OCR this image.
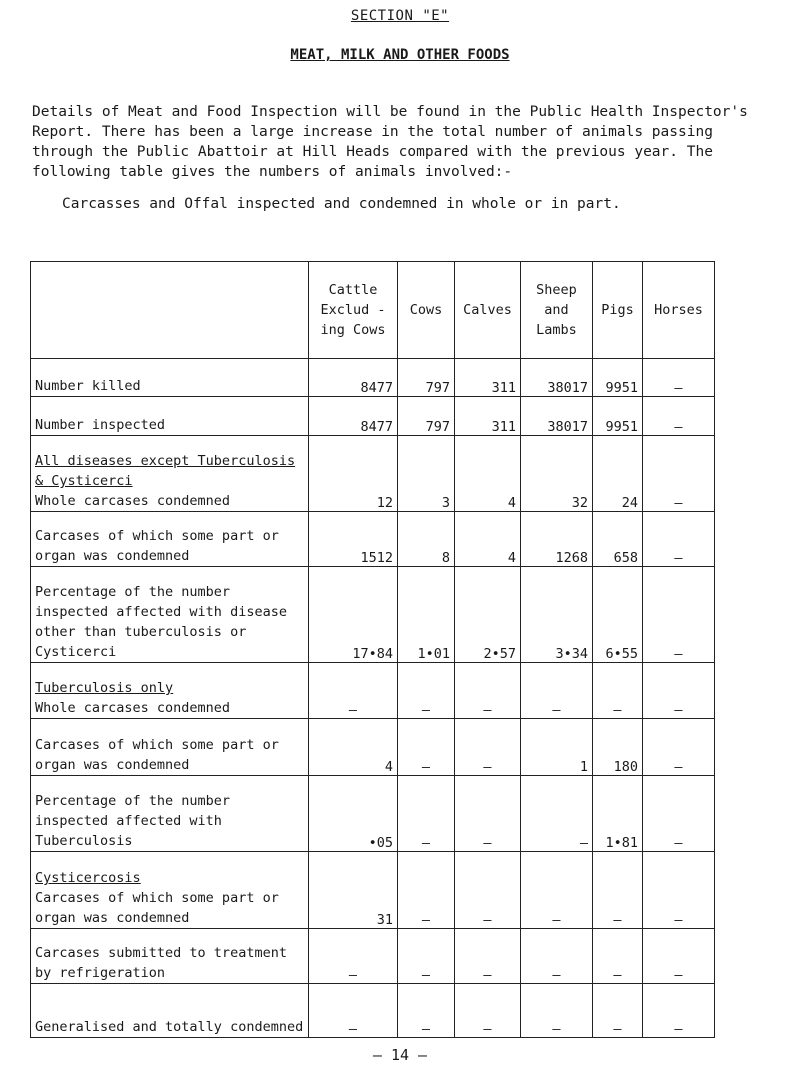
SECTION "E"
MEAT, MILK AND OTHER FOODS

Details of Meat and Food Inspection will be found in the Public Health Inspector's Report. There has been a large increase in the total number of animals passing through the Public Abattoir at Hill Heads compared with the previous year. The following table gives the numbers of animals involved:-

Carcasses and Offal inspected and condemned in whole or in part.
	Cattle Exclud -ing Cows	Cows	Calves	Sheep and Lambs	Pigs	Horses
Number killed	8477	797	311	38017	9951	–
Number inspected	8477	797	311	38017	9951	–

All diseases except Tuberculosis & Cysticerci
Whole carcases condemned	12	3	4	32	24	–
Carcases of which some part or organ was condemned	1512	8	4	1268	658	–
Percentage of the number inspected affected with disease other than tuberculosis or Cysticerci	17•84	1•01	2•57	3•34	6•55	–

Tuberculosis only
Whole carcases condemned	–	–	–	–	–	–
Carcases of which some part or organ was condemned	4	–	–	1	180	–
Percentage of the number inspected affected with Tuberculosis	•05	–	–	–	1•81	–

Cysticercosis
Carcases of which some part or organ was condemned	31	–	–	–	–	–
Carcases submitted to treatment by refrigeration	–	–	–	–	–	–
Generalised and totally condemned	–	–	–	–	–	–
– 14 –
